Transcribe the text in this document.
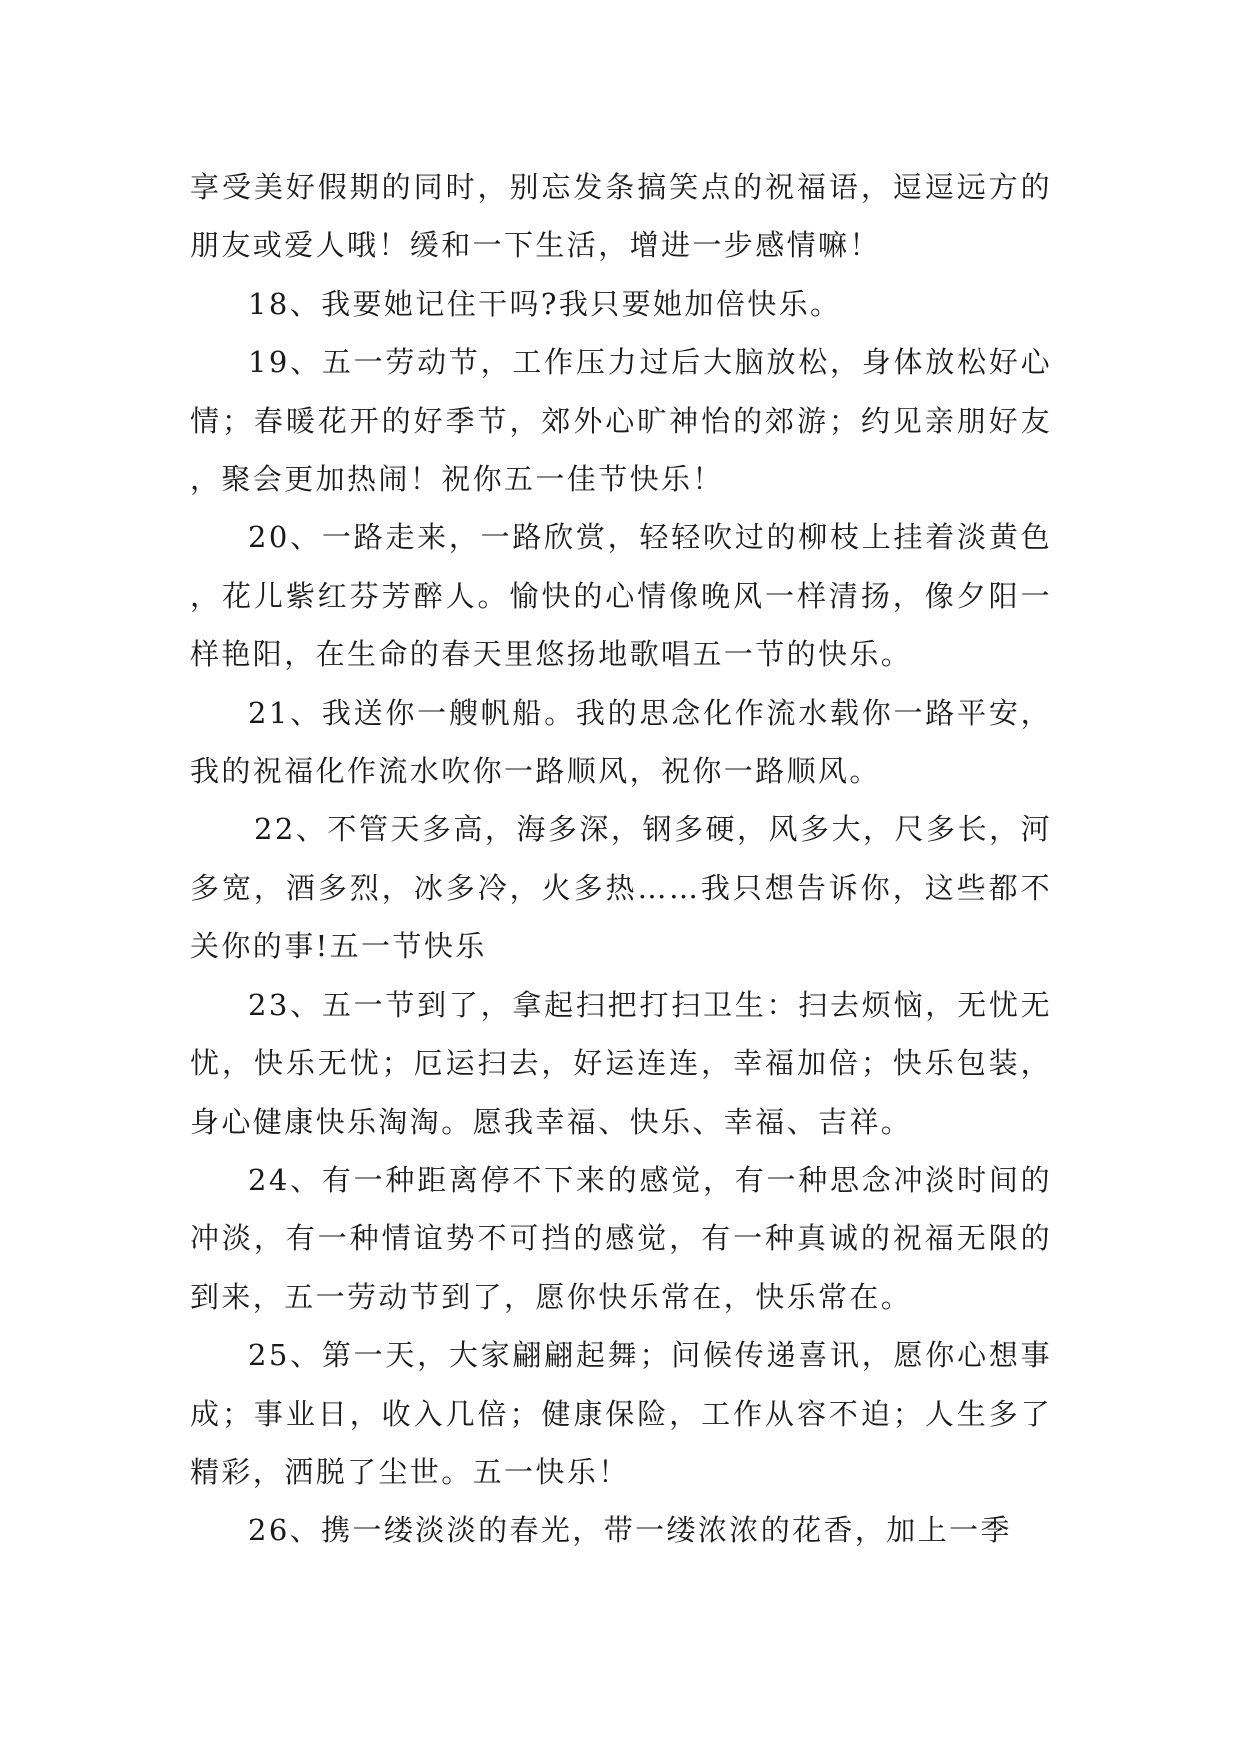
享受美好假期的同时，别忘发条搞笑点的祝福语，逗逗远方的朋友或爱人哦！缓和一下生活，增进一步感情嘛！

18、我要她记住干吗?我只要她加倍快乐。

19、五一劳动节，工作压力过后大脑放松，身体放松好心情；春暖花开的好季节，郊外心旷神怡的郊游；约见亲朋好友，聚会更加热闹！祝你五一佳节快乐！

20、一路走来，一路欣赏，轻轻吹过的柳枝上挂着淡黄色，花儿紫红芬芳醉人。愉快的心情像晚风一样清扬，像夕阳一样艳阳，在生命的春天里悠扬地歌唱五一节的快乐。

21、我送你一艘帆船。我的思念化作流水载你一路平安，我的祝福化作流水吹你一路顺风，祝你一路顺风。

22、不管天多高，海多深，钢多硬，风多大，尺多长，河多宽，酒多烈，冰多冷，火多热……我只想告诉你，这些都不关你的事!五一节快乐

23、五一节到了，拿起扫把打扫卫生：扫去烦恼，无忧无忧，快乐无忧；厄运扫去，好运连连，幸福加倍；快乐包装，身心健康快乐淘淘。愿我幸福、快乐、幸福、吉祥。

24、有一种距离停不下来的感觉，有一种思念冲淡时间的冲淡，有一种情谊势不可挡的感觉，有一种真诚的祝福无限的到来，五一劳动节到了，愿你快乐常在，快乐常在。

25、第一天，大家翩翩起舞；问候传递喜讯，愿你心想事成；事业日，收入几倍；健康保险，工作从容不迫；人生多了精彩，洒脱了尘世。五一快乐！

26、携一缕淡淡的春光，带一缕浓浓的花香，加上一季
